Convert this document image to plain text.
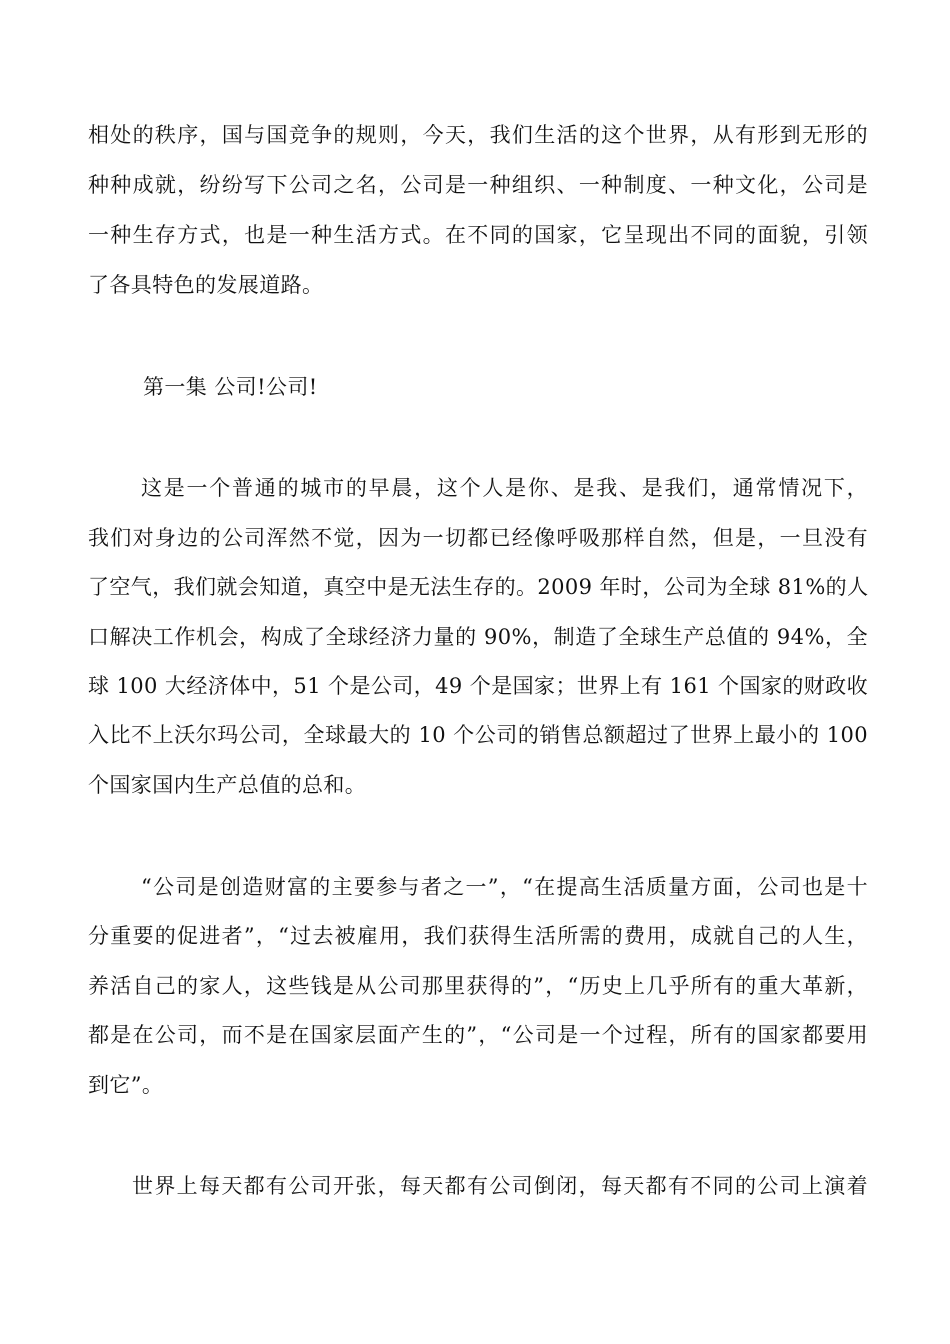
相处的秩序，国与国竞争的规则，今天，我们生活的这个世界，从有形到无形的
种种成就，纷纷写下公司之名，公司是一种组织、一种制度、一种文化，公司是
一种生存方式，也是一种生活方式。在不同的国家，它呈现出不同的面貌，引领
了各具特色的发展道路。
第一集 公司!公司!
这是一个普通的城市的早晨，这个人是你、是我、是我们，通常情况下，
我们对身边的公司浑然不觉，因为一切都已经像呼吸那样自然，但是，一旦没有
了空气，我们就会知道，真空中是无法生存的。2009 年时，公司为全球 81%的人
口解决工作机会，构成了全球经济力量的 90%，制造了全球生产总值的 94%，全
球 100 大经济体中，51 个是公司，49 个是国家；世界上有 161 个国家的财政收
入比不上沃尔玛公司，全球最大的 10 个公司的销售总额超过了世界上最小的 100
个国家国内生产总值的总和。
“公司是创造财富的主要参与者之一”，“在提高生活质量方面，公司也是十
分重要的促进者”，“过去被雇用，我们获得生活所需的费用，成就自己的人生，
养活自己的家人，这些钱是从公司那里获得的”，“历史上几乎所有的重大革新，
都是在公司，而不是在国家层面产生的”，“公司是一个过程，所有的国家都要用
到它”。
世界上每天都有公司开张，每天都有公司倒闭，每天都有不同的公司上演着
